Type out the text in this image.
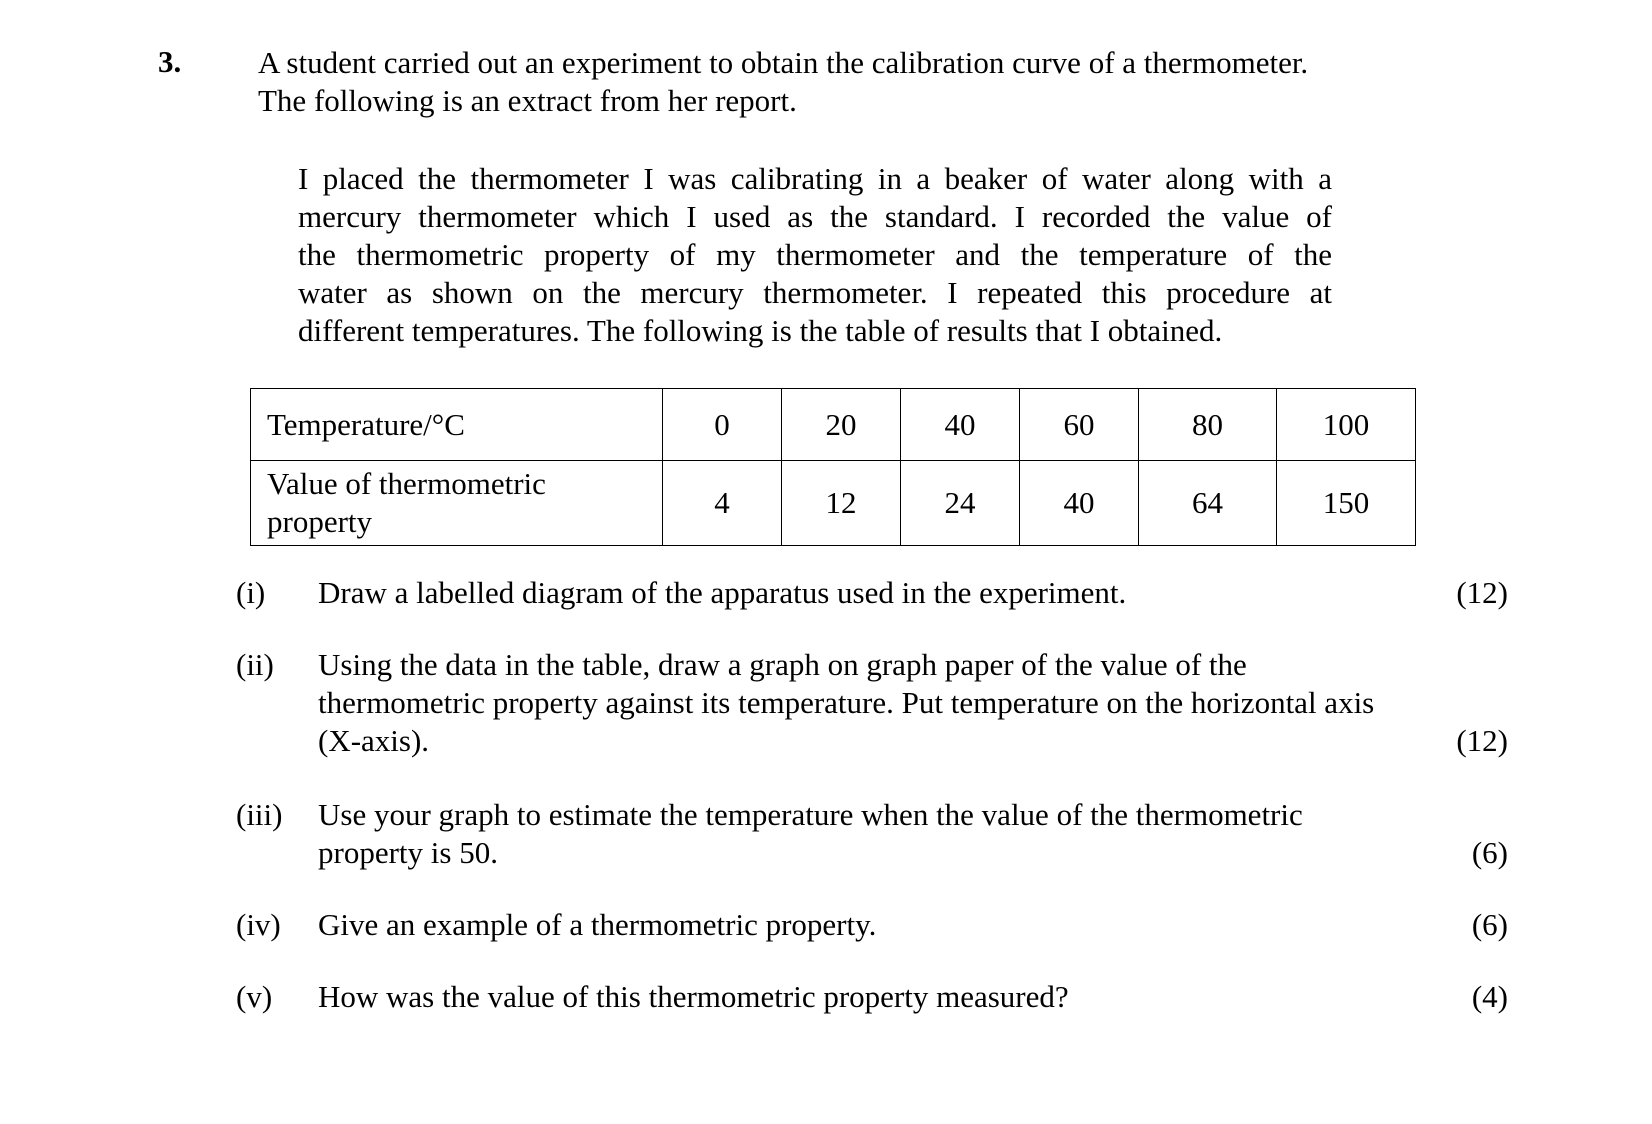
3. A student carried out an experiment to obtain the calibration curve of a thermometer.
The following is an extract from her report.
I placed the thermometer I was calibrating in a beaker of water along with a
mercury thermometer which I used as the standard. I recorded the value of
the thermometric property of my thermometer and the temperature of the
water as shown on the mercury thermometer. I repeated this procedure at
different temperatures. The following is the table of results that I obtained.
Temperature/°C	0	20	40	60	80	100

Value of thermometric
property	4	12	24	40	64	150
(i) Draw a labelled diagram of the apparatus used in the experiment.	(12)
(ii) Using the data in the table, draw a graph on graph paper of the value of the
thermometric property against its temperature. Put temperature on the horizontal axis
(X-axis).	(12)
(iii) Use your graph to estimate the temperature when the value of the thermometric
property is 50.	(6)
(iv) Give an example of a thermometric property.	(6)
(v) How was the value of this thermometric property measured?	(4)
